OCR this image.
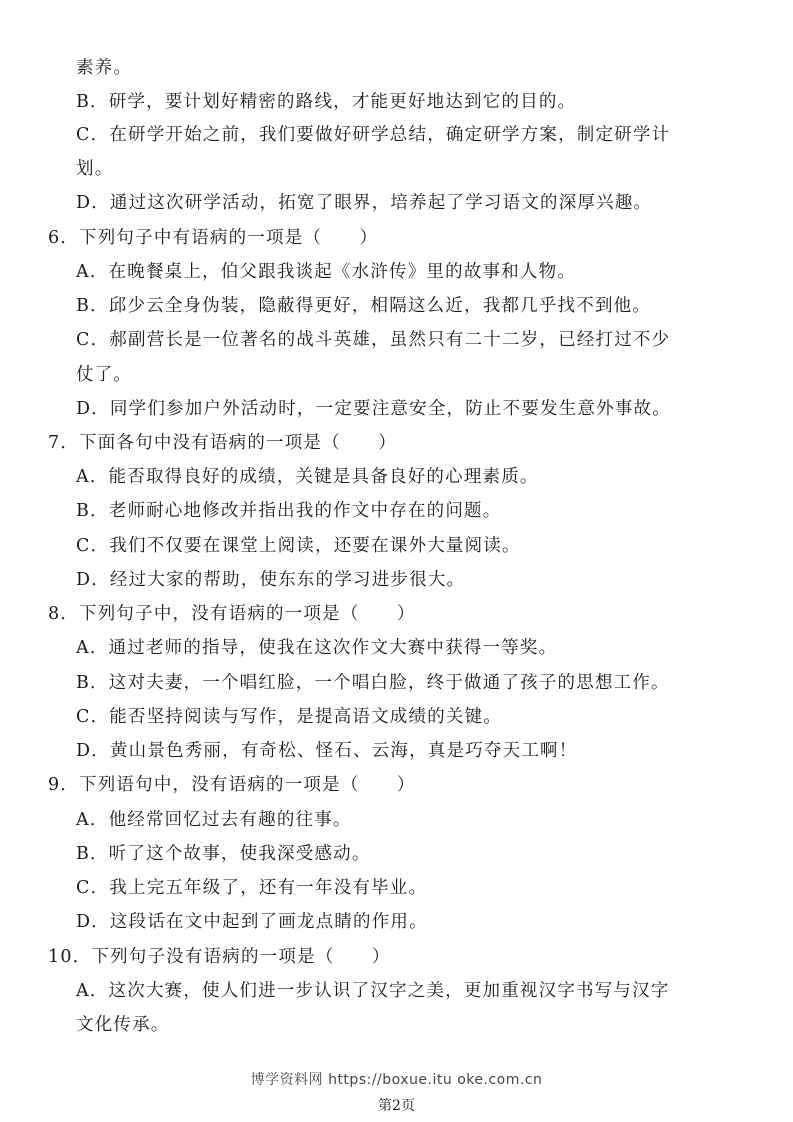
素养。
B．研学，要计划好精密的路线，才能更好地达到它的目的。
C．在研学开始之前，我们要做好研学总结，确定研学方案，制定研学计
划。
D．通过这次研学活动，拓宽了眼界，培养起了学习语文的深厚兴趣。
6．下列句子中有语病的一项是（　　）
A．在晚餐桌上，伯父跟我谈起《水浒传》里的故事和人物。
B．邱少云全身伪装，隐蔽得更好，相隔这么近，我都几乎找不到他。
C．郝副营长是一位著名的战斗英雄，虽然只有二十二岁，已经打过不少
仗了。
D．同学们参加户外活动时，一定要注意安全，防止不要发生意外事故。
7．下面各句中没有语病的一项是（　　）
A．能否取得良好的成绩，关键是具备良好的心理素质。
B．老师耐心地修改并指出我的作文中存在的问题。
C．我们不仅要在课堂上阅读，还要在课外大量阅读。
D．经过大家的帮助，使东东的学习进步很大。
8．下列句子中，没有语病的一项是（　　）
A．通过老师的指导，使我在这次作文大赛中获得一等奖。
B．这对夫妻，一个唱红脸，一个唱白脸，终于做通了孩子的思想工作。
C．能否坚持阅读与写作，是提高语文成绩的关键。
D．黄山景色秀丽，有奇松、怪石、云海，真是巧夺天工啊！
9．下列语句中，没有语病的一项是（　　）
A．他经常回忆过去有趣的往事。
B．听了这个故事，使我深受感动。
C．我上完五年级了，还有一年没有毕业。
D．这段话在文中起到了画龙点睛的作用。
10．下列句子没有语病的一项是（　　）
A．这次大赛，使人们进一步认识了汉字之美，更加重视汉字书写与汉字
文化传承。
博学资料网 https://boxue.itu oke.com.cn
第2页
